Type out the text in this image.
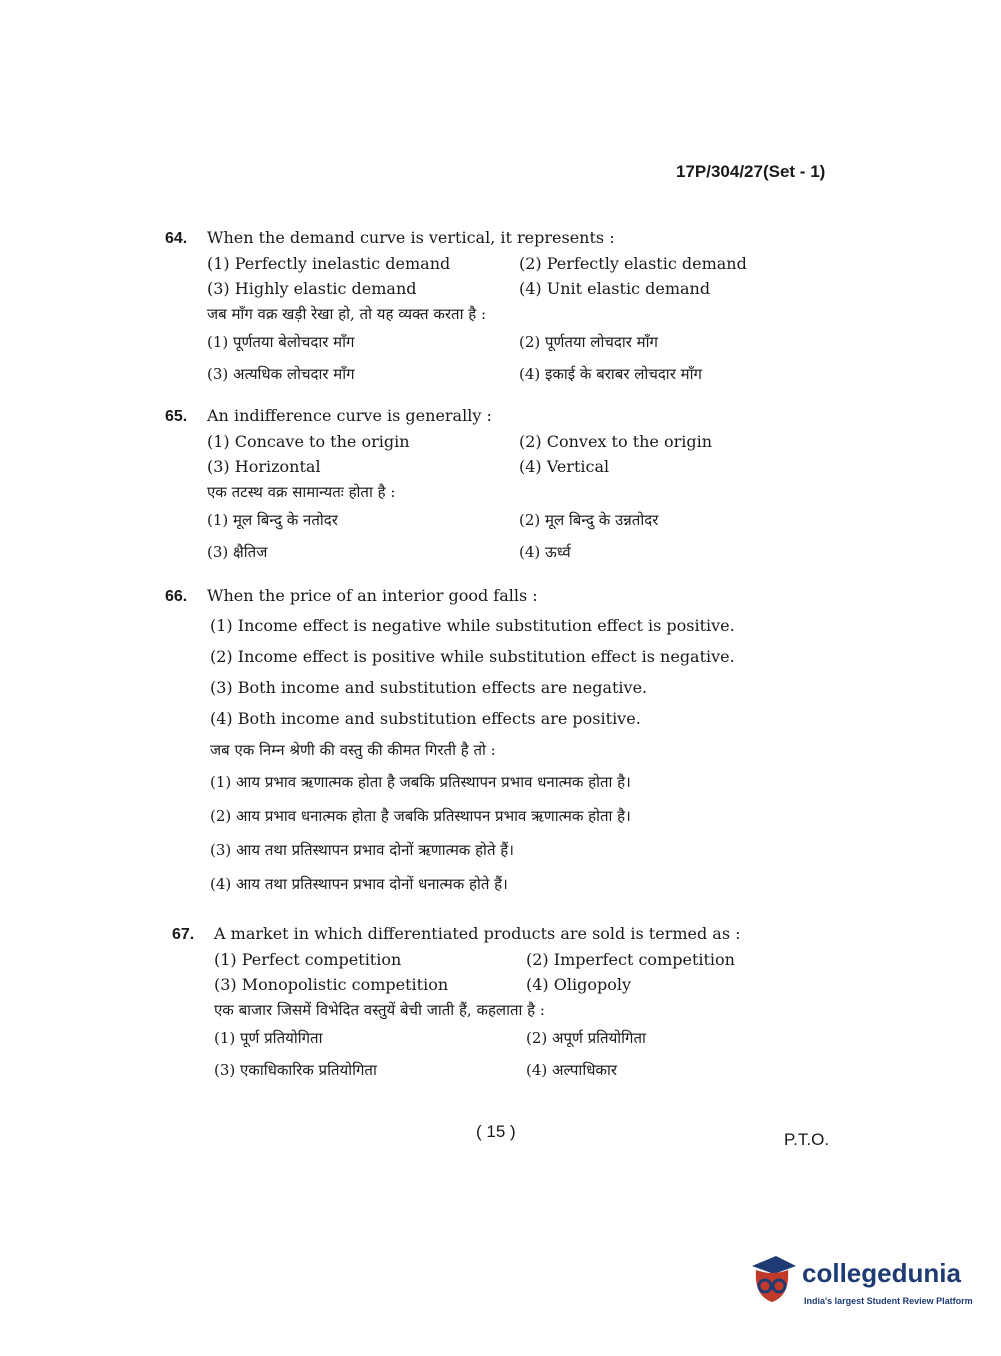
17P/304/27(Set - 1)
64. When the demand curve is vertical, it represents :
(1) Perfectly inelastic demand	(2) Perfectly elastic demand
(3) Highly elastic demand	(4) Unit elastic demand
जब माँग वक्र खड़ी रेखा हो, तो यह व्यक्त करता है :
(1) पूर्णतया बेलोचदार माँग	(2) पूर्णतया लोचदार माँग
(3) अत्यधिक लोचदार माँग	(4) इकाई के बराबर लोचदार माँग
65. An indifference curve is generally :
(1) Concave to the origin	(2) Convex to the origin
(3) Horizontal	(4) Vertical
एक तटस्थ वक्र सामान्यतः होता है :
(1) मूल बिन्दु के नतोदर	(2) मूल बिन्दु के उन्नतोदर
(3) क्षैतिज	(4) ऊर्ध्व
66. When the price of an interior good falls :
(1) Income effect is negative while substitution effect is positive.
(2) Income effect is positive while substitution effect is negative.
(3) Both income and substitution effects are negative.
(4) Both income and substitution effects are positive.
जब एक निम्न श्रेणी की वस्तु की कीमत गिरती है तो :
(1) आय प्रभाव ऋणात्मक होता है जबकि प्रतिस्थापन प्रभाव धनात्मक होता है।
(2) आय प्रभाव धनात्मक होता है जबकि प्रतिस्थापन प्रभाव ऋणात्मक होता है।
(3) आय तथा प्रतिस्थापन प्रभाव दोनों ऋणात्मक होते हैं।
(4) आय तथा प्रतिस्थापन प्रभाव दोनों धनात्मक होते हैं।
67. A market in which differentiated products are sold is termed as :
(1) Perfect competition	(2) Imperfect competition
(3) Monopolistic competition	(4) Oligopoly
एक बाजार जिसमें विभेदित वस्तुयें बेची जाती हैं, कहलाता है :
(1) पूर्ण प्रतियोगिता	(2) अपूर्ण प्रतियोगिता
(3) एकाधिकारिक प्रतियोगिता	(4) अल्पाधिकार
( 15 )	P.T.O.
collegedunia
India's largest Student Review Platform
